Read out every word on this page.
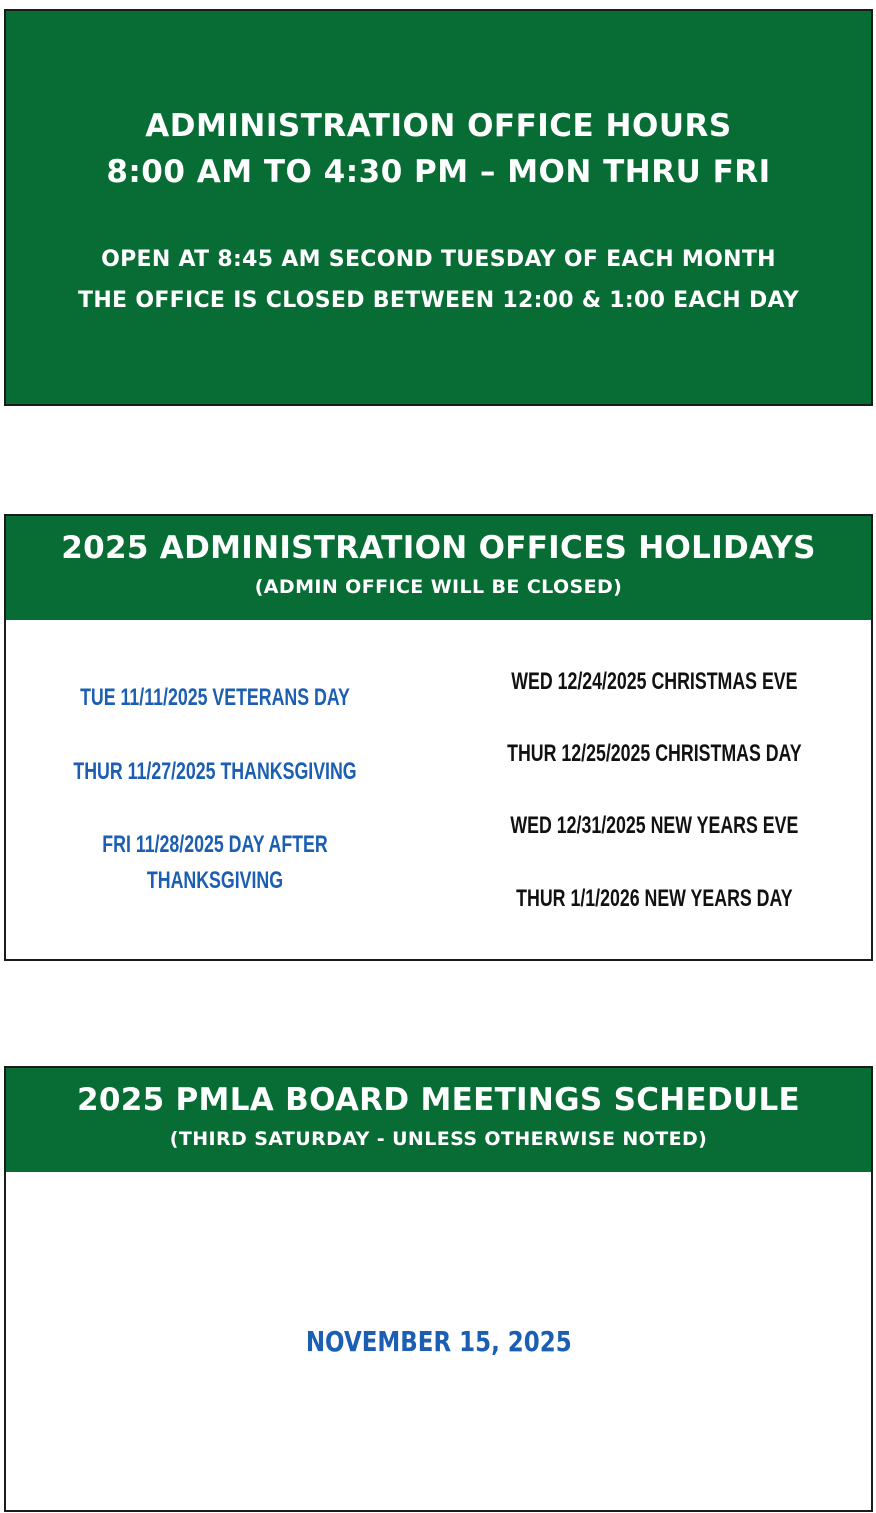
ADMINISTRATION OFFICE HOURS
8:00 AM TO 4:30 PM – MON THRU FRI
OPEN AT 8:45 AM SECOND TUESDAY OF EACH MONTH
THE OFFICE IS CLOSED BETWEEN 12:00 & 1:00 EACH DAY
2025 ADMINISTRATION OFFICES HOLIDAYS
(ADMIN OFFICE WILL BE CLOSED)
TUE 11/11/2025 VETERANS DAY
THUR 11/27/2025 THANKSGIVING
FRI 11/28/2025 DAY AFTER
THANKSGIVING
WED 12/24/2025 CHRISTMAS EVE
THUR 12/25/2025 CHRISTMAS DAY
WED 12/31/2025 NEW YEARS EVE
THUR 1/1/2026 NEW YEARS DAY
2025 PMLA BOARD MEETINGS SCHEDULE
(THIRD SATURDAY - UNLESS OTHERWISE NOTED)
NOVEMBER 15, 2025
